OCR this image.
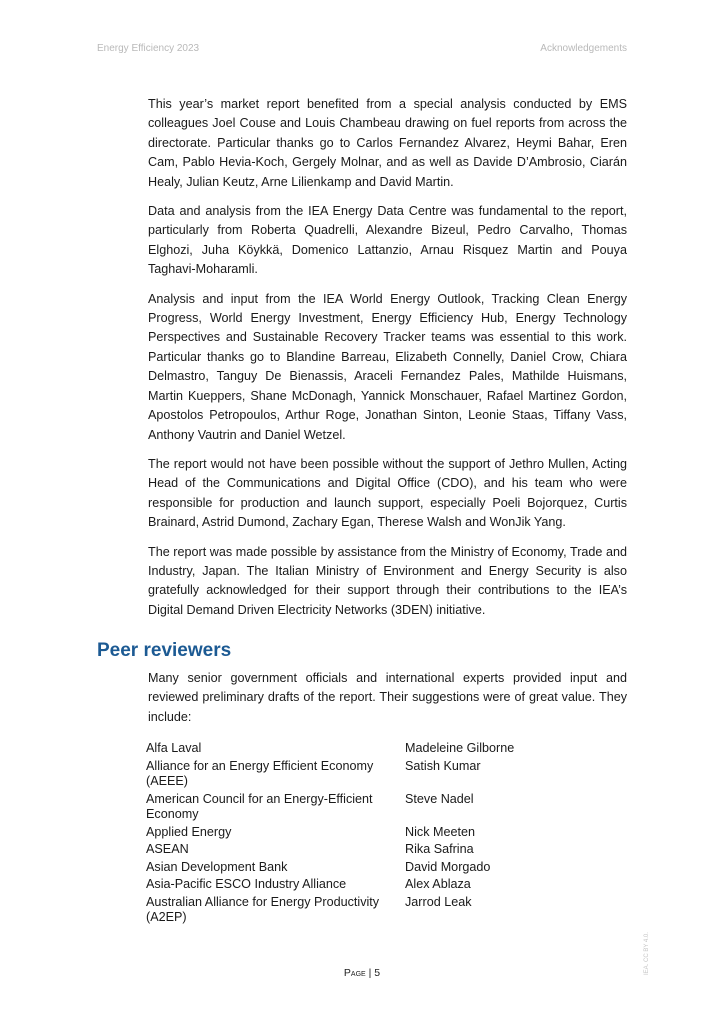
Energy Efficiency 2023	Acknowledgements

This year’s market report benefited from a special analysis conducted by EMS colleagues Joel Couse and Louis Chambeau drawing on fuel reports from across the directorate. Particular thanks go to Carlos Fernandez Alvarez, Heymi Bahar, Eren Cam, Pablo Hevia-Koch, Gergely Molnar, and as well as Davide D’Ambrosio, Ciarán Healy, Julian Keutz, Arne Lilienkamp and David Martin.

Data and analysis from the IEA Energy Data Centre was fundamental to the report, particularly from Roberta Quadrelli, Alexandre Bizeul, Pedro Carvalho, Thomas Elghozi, Juha Köykkä, Domenico Lattanzio, Arnau Risquez Martin and Pouya Taghavi-Moharamli.

Analysis and input from the IEA World Energy Outlook, Tracking Clean Energy Progress, World Energy Investment, Energy Efficiency Hub, Energy Technology Perspectives and Sustainable Recovery Tracker teams was essential to this work. Particular thanks go to Blandine Barreau, Elizabeth Connelly, Daniel Crow, Chiara Delmastro, Tanguy De Bienassis, Araceli Fernandez Pales, Mathilde Huismans, Martin Kueppers, Shane McDonagh, Yannick Monschauer, Rafael Martinez Gordon, Apostolos Petropoulos, Arthur Roge, Jonathan Sinton, Leonie Staas, Tiffany Vass, Anthony Vautrin and Daniel Wetzel.

The report would not have been possible without the support of Jethro Mullen, Acting Head of the Communications and Digital Office (CDO), and his team who were responsible for production and launch support, especially Poeli Bojorquez, Curtis Brainard, Astrid Dumond, Zachary Egan, Therese Walsh and WonJik Yang.

The report was made possible by assistance from the Ministry of Economy, Trade and Industry, Japan. The Italian Ministry of Environment and Energy Security is also gratefully acknowledged for their support through their contributions to the IEA’s Digital Demand Driven Electricity Networks (3DEN) initiative.

Peer reviewers

Many senior government officials and international experts provided input and reviewed preliminary drafts of the report. Their suggestions were of great value. They include:

Alfa Laval	Madeleine Gilborne
Alliance for an Energy Efficient Economy (AEEE)	Satish Kumar
American Council for an Energy-Efficient Economy	Steve Nadel
Applied Energy	Nick Meeten
ASEAN	Rika Safrina
Asian Development Bank	David Morgado
Asia-Pacific ESCO Industry Alliance	Alex Ablaza
Australian Alliance for Energy Productivity (A2EP)	Jarrod Leak
Page | 5	IEA. CC BY 4.0.
